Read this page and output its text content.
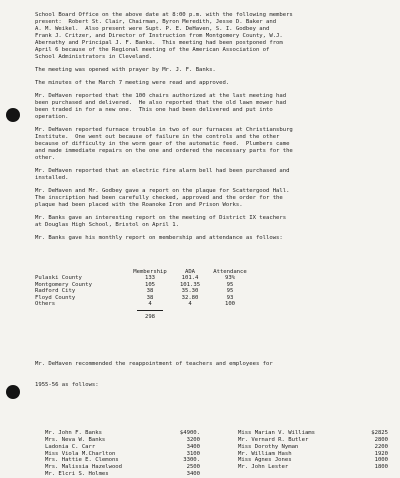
School Board Office on the above date at 8:00 p.m. with the following members
present:  Robert St. Clair, Chairman, Byron Meredith, Jesse D. Baker and
A. M. Weikel.  Also present were Supt. P. E. DeHaven, S. I. Godbey and
Frank J. Critzer, and Director of Instruction from Montgomery County, W.J.
Abernathy and Principal J. F. Banks.  This meeting had been postponed from
April 6 because of the Regional meeting of the American Association of
School Administrators in Cleveland.
The meeting was opened with prayer by Mr. J. F. Banks.
The minutes of the March 7 meeting were read and approved.
Mr. DeHaven reported that the 100 chairs authorized at the last meeting had
been purchased and delivered.  He also reported that the old lawn mower had
been traded in for a new one.  This one had been delivered and put into
operation.
Mr. DeHaven reported furnace trouble in two of our furnaces at Christiansburg
Institute.  One went out because of failure in the controls and the other
because of difficulty in the worm gear of the automatic feed.  Plumbers came
and made immediate repairs on the one and ordered the necessary parts for the
other.
Mr. DeHaven reported that an electric fire alarm bell had been purchased and
installed.
Mr. DeHaven and Mr. Godbey gave a report on the plaque for Scattergood Hall.
The inscription had been carefully checked, approved and the order for the
plaque had been placed with the Roanoke Iron and Prison Works.
Mr. Banks gave an interesting report on the meeting of District IX teachers
at Douglas High School, Bristol on April 1.
Mr. Banks gave his monthly report on membership and attendance as follows:

	Membership	ADA	Attendance
Pulaski County	133	101.4	93%
Montgomery County	105	101.35	95
Radford City	38	35.30	95
Floyd County	38	32.80	93
Others	4	4	100

	298		

Mr. DeHaven recommended the reappointment of teachers and employees for

1955-56 as follows:

Mr. John F. Banks	$4900.
Mrs. Neva W. Banks	3200
Ladonia C. Carr	3400
Miss Viola M.Charlton	3100
Mrs. Hattie E. Clemons	3300.
Mrs. Malissia Hazelwood	2500
Mr. Elcri S. Holmes	3400

Miss Marian V. Williams	$2825
Mr. Vernard R. Butler	2800
Miss Dorothy Nyman	2200
Mr. William Hash	1920
Miss Agnes Jones	1000
Mr. John Lester	1800
